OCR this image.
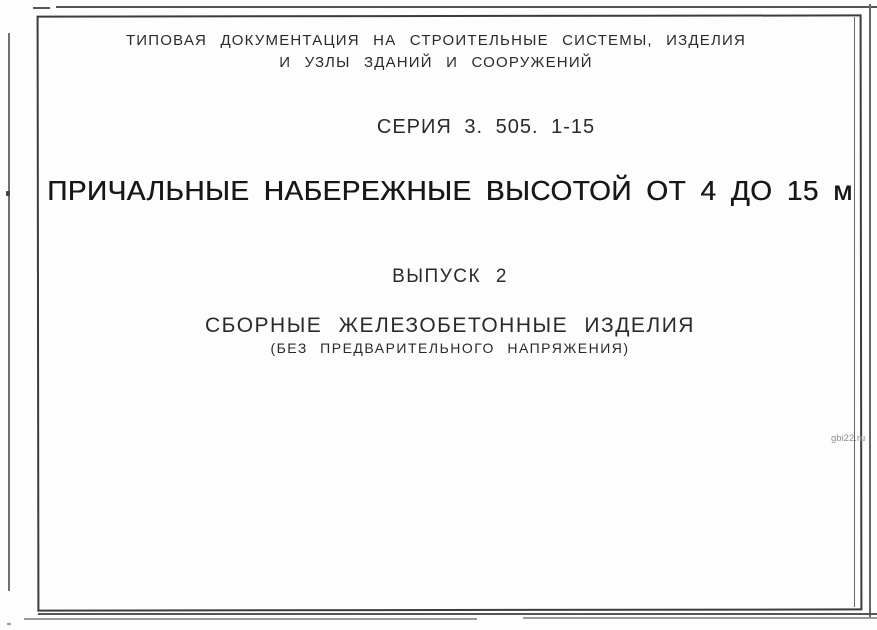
ТИПОВАЯ ДОКУМЕНТАЦИЯ НА СТРОИТЕЛЬНЫЕ СИСТЕМЫ, ИЗДЕЛИЯ
И УЗЛЫ ЗДАНИЙ И СООРУЖЕНИЙ
СЕРИЯ 3. 505. 1-15
ПРИЧАЛЬНЫЕ НАБЕРЕЖНЫЕ ВЫСОТОЙ ОТ 4 ДО 15 м
ВЫПУСК 2
СБОРНЫЕ ЖЕЛЕЗОБЕТОННЫЕ ИЗДЕЛИЯ
(БЕЗ ПРЕДВАРИТЕЛЬНОГО НАПРЯЖЕНИЯ)
gbi22.ru
